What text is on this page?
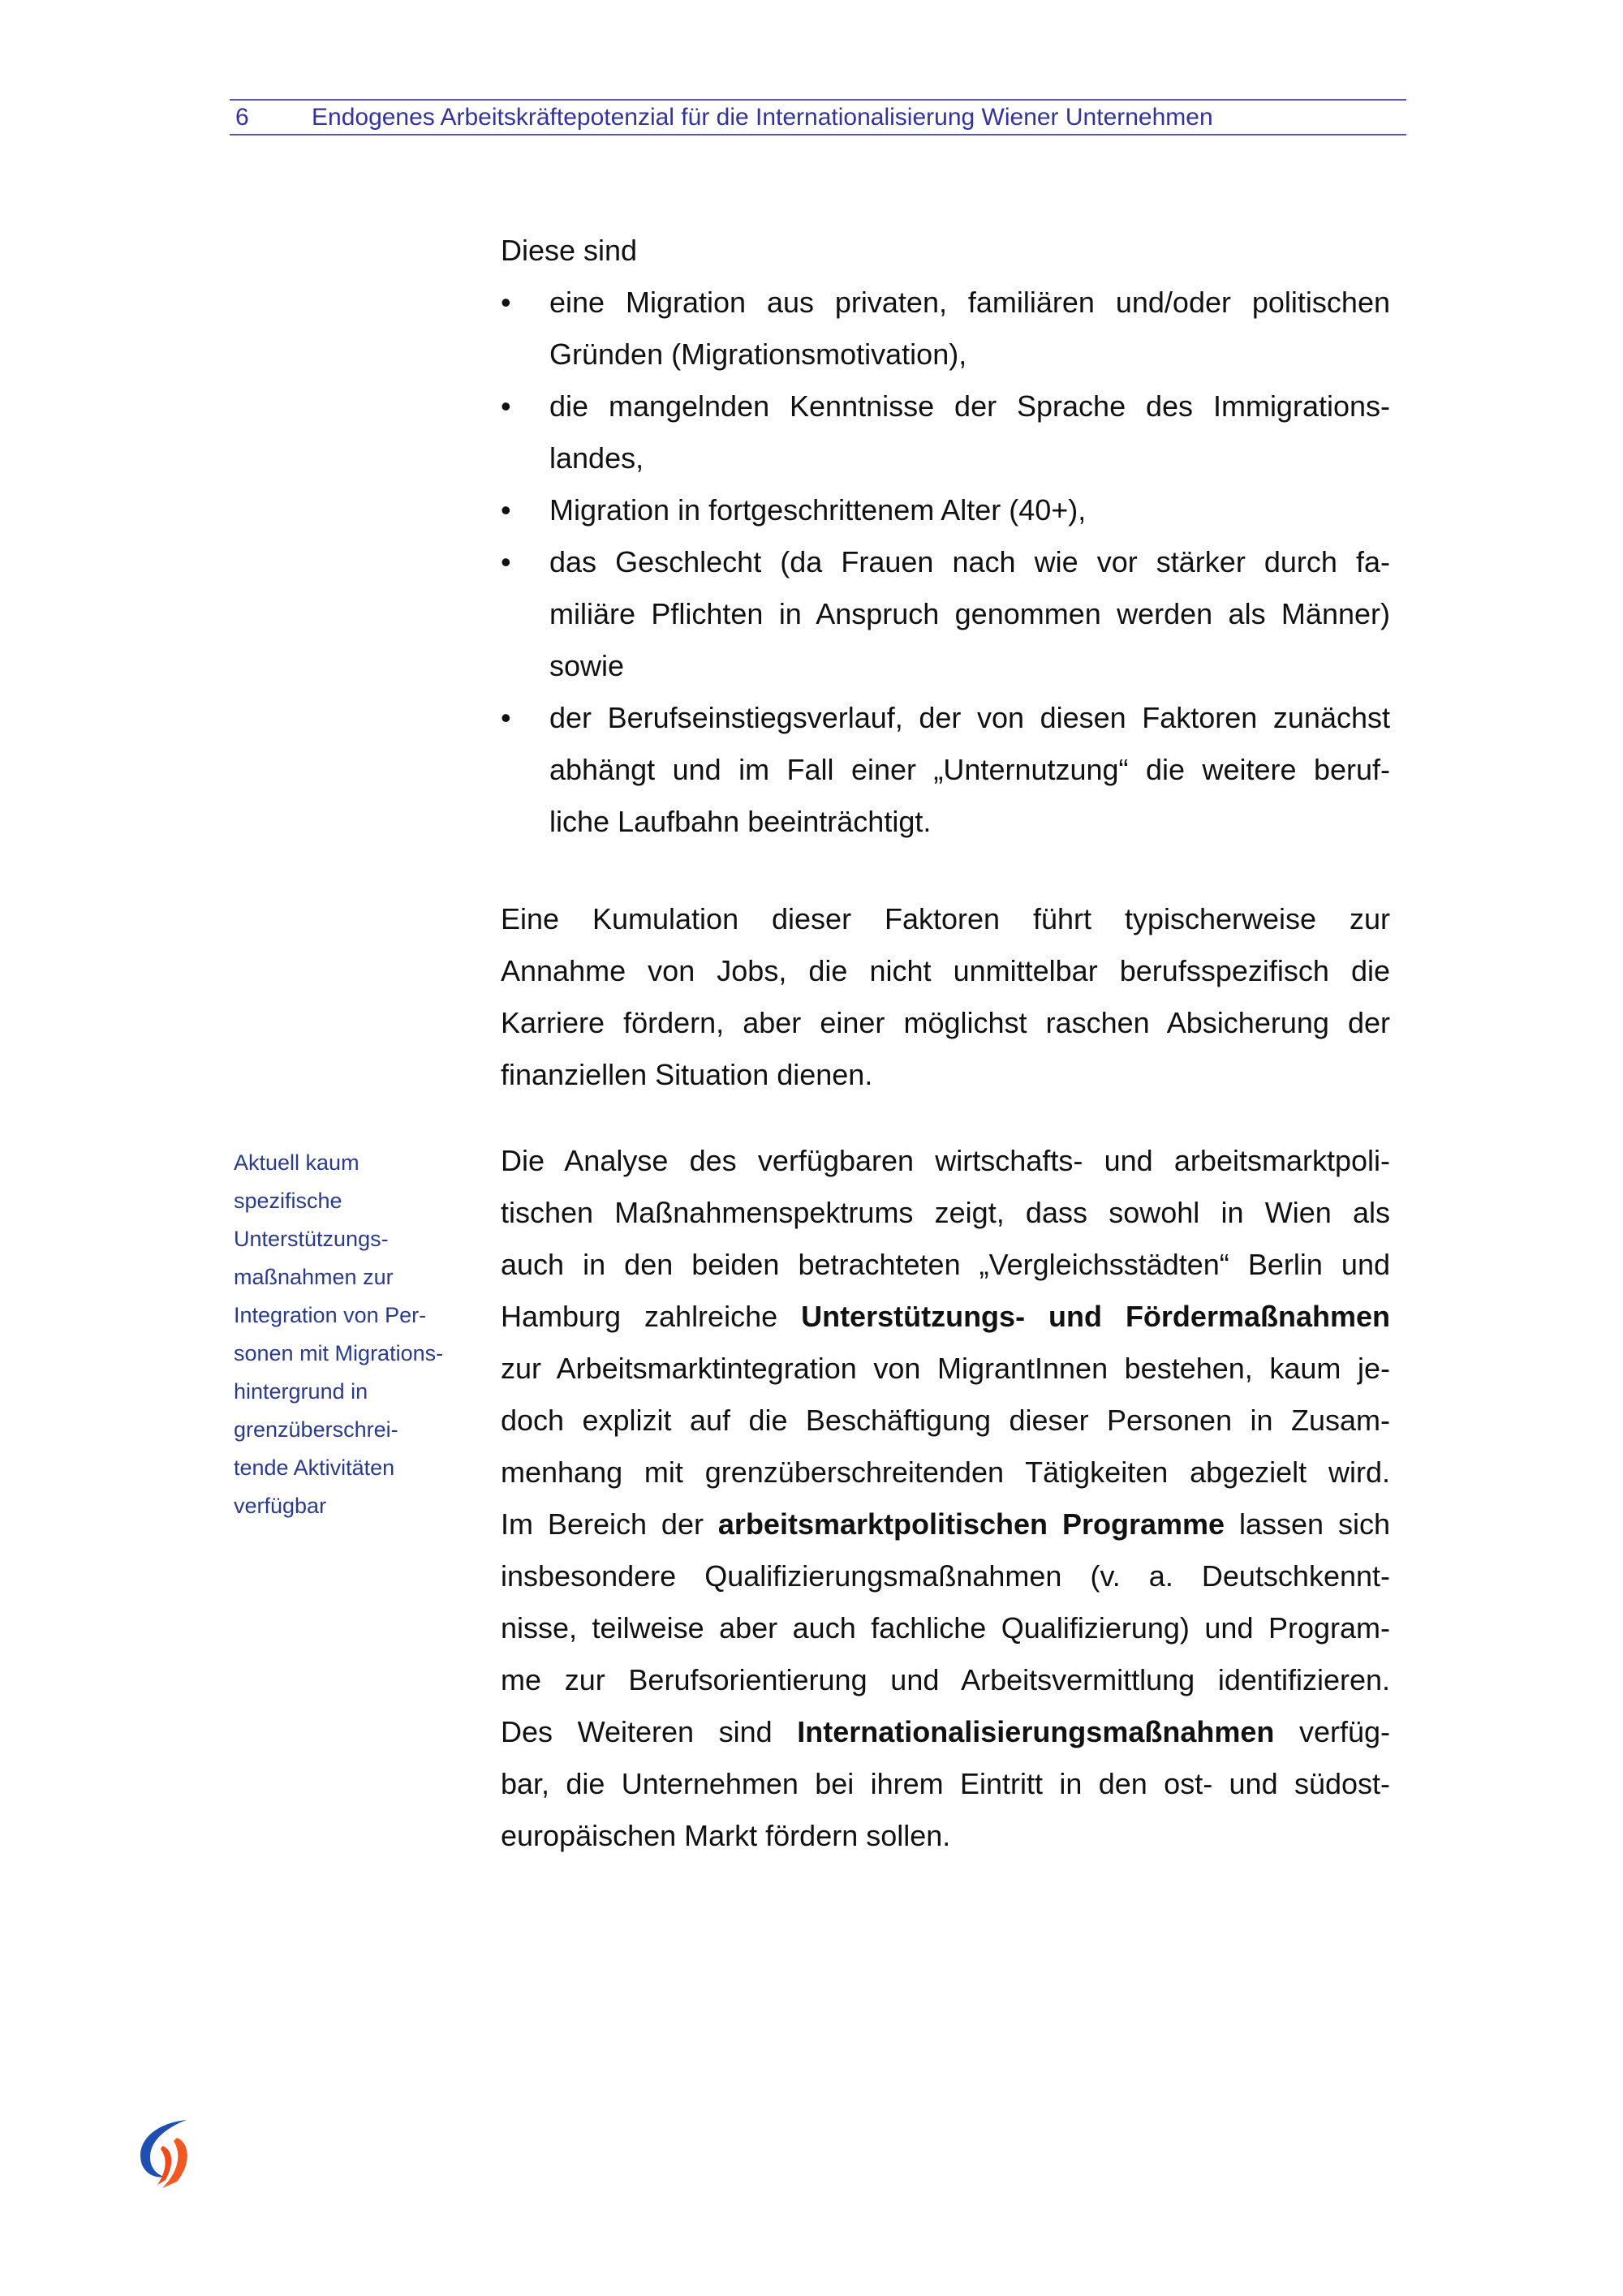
6	Endogenes Arbeitskräftepotenzial für die Internationalisierung Wiener Unternehmen
Diese sind
• eine Migration aus privaten, familiären und/oder politischen
Gründen (Migrationsmotivation),
• die mangelnden Kenntnisse der Sprache des Immigrations-
landes,
• Migration in fortgeschrittenem Alter (40+),
• das Geschlecht (da Frauen nach wie vor stärker durch fa-
miliäre Pflichten in Anspruch genommen werden als Männer)
sowie
• der Berufseinstiegsverlauf, der von diesen Faktoren zunächst
abhängt und im Fall einer „Unternutzung“ die weitere beruf-
liche Laufbahn beeinträchtigt.
Eine Kumulation dieser Faktoren führt typischerweise zur
Annahme von Jobs, die nicht unmittelbar berufsspezifisch die
Karriere fördern, aber einer möglichst raschen Absicherung der
finanziellen Situation dienen.
Die Analyse des verfügbaren wirtschafts- und arbeitsmarktpoli-
tischen Maßnahmenspektrums zeigt, dass sowohl in Wien als
auch in den beiden betrachteten „Vergleichsstädten“ Berlin und
Hamburg zahlreiche Unterstützungs- und Fördermaßnahmen
zur Arbeitsmarktintegration von MigrantInnen bestehen, kaum je-
doch explizit auf die Beschäftigung dieser Personen in Zusam-
menhang mit grenzüberschreitenden Tätigkeiten abgezielt wird.
Im Bereich der arbeitsmarktpolitischen Programme lassen sich
insbesondere Qualifizierungsmaßnahmen (v. a. Deutschkennt-
nisse, teilweise aber auch fachliche Qualifizierung) und Program-
me zur Berufsorientierung und Arbeitsvermittlung identifizieren.
Des Weiteren sind Internationalisierungsmaßnahmen verfüg-
bar, die Unternehmen bei ihrem Eintritt in den ost- und südost-
europäischen Markt fördern sollen.
Aktuell kaum
spezifische
Unterstützungs-
maßnahmen zur
Integration von Per-
sonen mit Migrations-
hintergrund in
grenzüberschrei-
tende Aktivitäten
verfügbar
